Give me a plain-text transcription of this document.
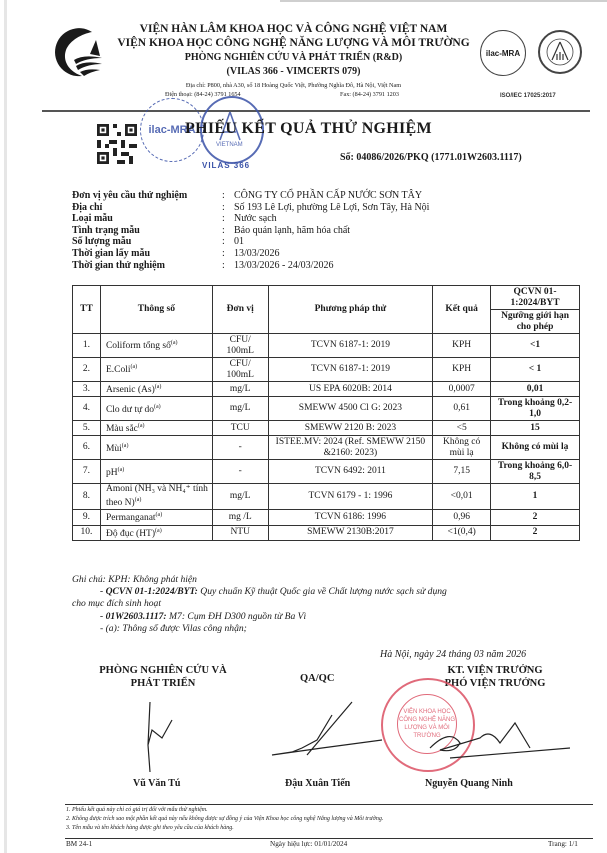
VIỆN HÀN LÂM KHOA HỌC VÀ CÔNG NGHỆ VIỆT NAM
VIỆN KHOA HỌC CÔNG NGHỆ NĂNG LƯỢNG VÀ MÔI TRƯỜNG
PHÒNG NGHIÊN CỨU VÀ PHÁT TRIỂN (R&D)
(VILAS 366 - VIMCERTS 079)
Địa chỉ: P800, nhà A30, số 18 Hoàng Quốc Việt, Phường Nghĩa Đô, Hà Nội, Việt Nam
Điện thoại: (84-24) 3791 1654	Fax: (84-24) 3791 1203
ilac-MRA
ISO/IEC 17025:2017
ilac-MRA
VIETNAM
VILAS 366
PHIẾU KẾT QUẢ THỬ NGHIỆM
Số: 04086/2026/PKQ (1771.01W2603.1117)
Đơn vị yêu cầu thử nghiệm	: CÔNG TY CỔ PHẦN CẤP NƯỚC SƠN TÂY
Địa chỉ	: Số 193 Lê Lợi, phường Lê Lợi, Sơn Tây, Hà Nội
Loại mẫu	: Nước sạch
Tình trạng mẫu	: Bảo quản lạnh, hãm hóa chất
Số lượng mẫu	: 01
Thời gian lấy mẫu	: 13/03/2026
Thời gian thử nghiệm	: 13/03/2026 - 24/03/2026
TT	Thông số	Đơn vị	Phương pháp thử	Kết quả	QCVN 01-1:2024/BYT
					Ngưỡng giới hạn cho phép
1.	Coliform tổng số$^{(a)}$	CFU/ 100mL	TCVN 6187-1: 2019	KPH	<1
2.	E.Coli$^{(a)}$	CFU/ 100mL	TCVN 6187-1: 2019	KPH	< 1
3.	Arsenic $(As)^{(a)}$	mg/L	US EPA 6020B: 2014	0,0007	0,01
4.	Clo dư tự $do^{(a)}$	mg/L	SMEWW 4500 Cl G: 2023	0,61	Trong khoảng 0,2-1,0
5.	Màu sắc$^{(a)}$	TCU	SMEWW 2120 B: 2023	<5	15
6.	Mùi$^{(a)}$	-	ISTEE.MV: 2024 (Ref. SMEWW 2150 &2160: 2023)	Không có mùi lạ	Không có mùi lạ
7.	$pH^{(a)}$	-	TCVN 6492: 2011	7,15	Trong khoảng 6,0-8,5
8.	Amoni (NH₃ và NH₄⁺ tính theo N)$^{(a)}$	mg/L	TCVN 6179 - 1: 1996	<0,01	1
9.	Permanganat$^{(a)}$	mg /L	TCVN 6186: 1996	0,96	2
10.	Độ đục (HT)$^{(a)}$	NTU	SMEWW 2130B:2017	<1(0,4)	2
Ghi chú: KPH: Không phát hiện
- QCVN 01-1:2024/BYT: Quy chuẩn Kỹ thuật Quốc gia về Chất lượng nước sạch sử dụng
cho mục đích sinh hoạt
- 01W2603.1117: M7: Cụm ĐH D300 nguồn từ Ba Vì
- (a): Thông số được Vilas công nhận;
Hà Nội, ngày 24 tháng 03 năm 2026
PHÒNG NGHIÊN CỨU VÀ
PHÁT TRIỂN	QA/QC
KT. VIỆN TRƯỞNG
PHÓ VIỆN TRƯỞNG
VIỆN KHOA HỌC CÔNG NGHỆ NĂNG LƯỢNG VÀ MÔI TRƯỜNG
Vũ Văn Tú	Đậu Xuân Tiến	Nguyễn Quang Ninh
1. Phiếu kết quả này chỉ có giá trị đối với mẫu thử nghiệm.
2. Không được trích sao một phần kết quả này nếu không được sự đồng ý của Viện Khoa học công nghệ Năng lượng và Môi trường.
3. Tên mẫu và tên khách hàng được ghi theo yêu cầu của khách hàng.
BM 24-1	Ngày hiệu lực: 01/01/2024	Trang: 1/1
